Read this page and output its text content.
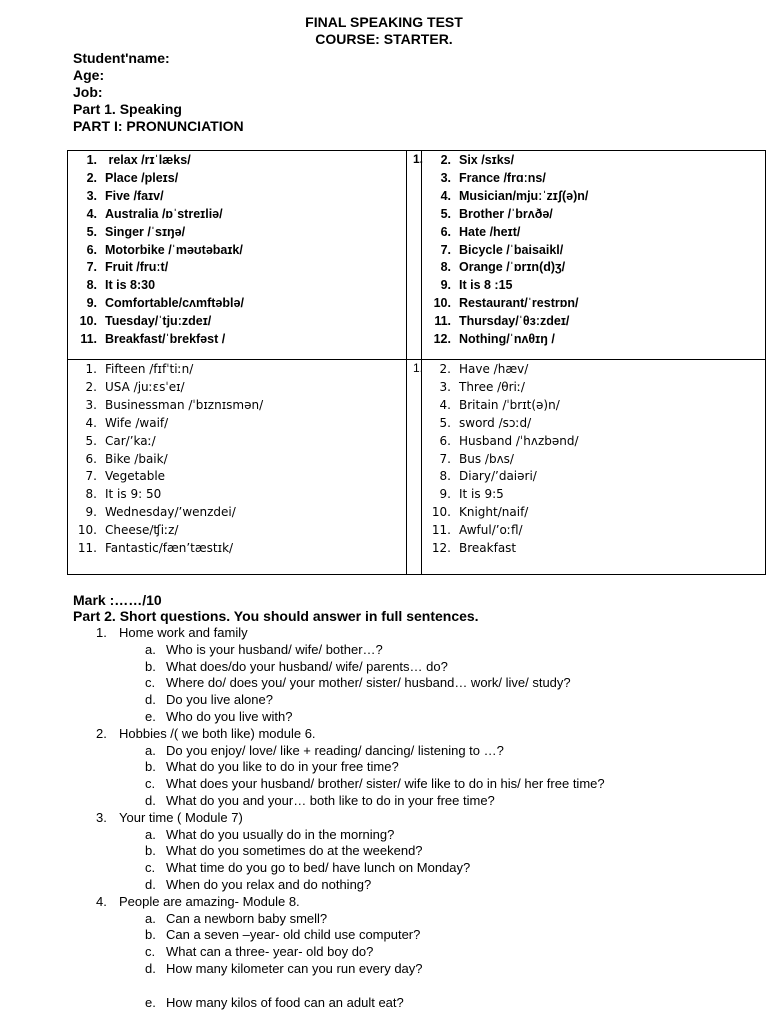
FINAL SPEAKING TEST
COURSE: STARTER.
Student'name:
Age:
Job:
Part 1. Speaking
PART I: PRONUNCIATION
1.
1. relax /rɪˈlæks/
2. Place /pleɪs/
3. Five /faɪv/
4. Australia /ɒˈstreɪliə/
5. Singer /ˈsɪŋə/
6. Motorbike /ˈməʊtəbaɪk/
7. Fruit /fruːt/
8. It is 8:30
9. Comfortable/cʌmftəblə/
10. Tuesday/ˈtjuːzdeɪ/
11. Breakfast/ˈbrekfəst /
2. Six /sɪks/
3. France /frɑːns/
4. Musician/mjuːˈzɪʃ(ə)n/
5. Brother /ˈbrʌðə/
6. Hate /heɪt/
7. Bicycle /ˈbaisaikl/
8. Orange /ˈɒrɪn(d)ʒ/
9. It is 8 :15
10. Restaurant/ˈrestrɒn/
11. Thursday/ˈθɜːzdeɪ/
12. Nothing/ˈnʌθɪŋ /
1.
1. Fifteen /fɪfˈtiːn/
2. USA /juːɛsˈeɪ/
3. Businessman /ˈbɪznɪsmən/
4. Wife /waif/
5. Car/’kaː/
6. Bike /baik/
7. Vegetable
8. It is 9: 50
9. Wednesday/’wenzdei/
10. Cheese/ʧiːz/
11. Fantastic/fæn’tæstɪk/
2. Have /hæv/
3. Three /θriː/
4. Britain /ˈbrɪt(ə)n/
5. sword /sɔːd/
6. Husband /ˈhʌzbənd/
7. Bus /bʌs/
8. Diary/’daiəri/
9. It is 9:5
10. Knight/naif/
11. Awful/’oːfl/
12. Breakfast
Mark :……/10
Part 2. Short questions. You should answer in full sentences.
1. Home work and family
a. Who is your husband/ wife/ bother…?
b. What does/do your husband/ wife/ parents… do?
c. Where do/ does you/ your mother/ sister/ husband… work/ live/ study?
d. Do you live alone?
e. Who do you live with?
2. Hobbies /( we both like) module 6.
a. Do you enjoy/ love/ like + reading/ dancing/ listening to …?
b. What do you like to do in your free time?
c. What does your husband/ brother/ sister/ wife like to do in his/ her free time?
d. What do you and your… both like to do in your free time?
3. Your time ( Module 7)
a. What do you usually do in the morning?
b. What do you sometimes do at the weekend?
c. What time do you go to bed/ have lunch on Monday?
d. When do you relax and do nothing?
4. People are amazing- Module 8.
a. Can a newborn baby smell?
b. Can a seven –year- old child use computer?
c. What can a three- year- old boy do?
d. How many kilometer can you run every day?
e. How many kilos of food can an adult eat?
